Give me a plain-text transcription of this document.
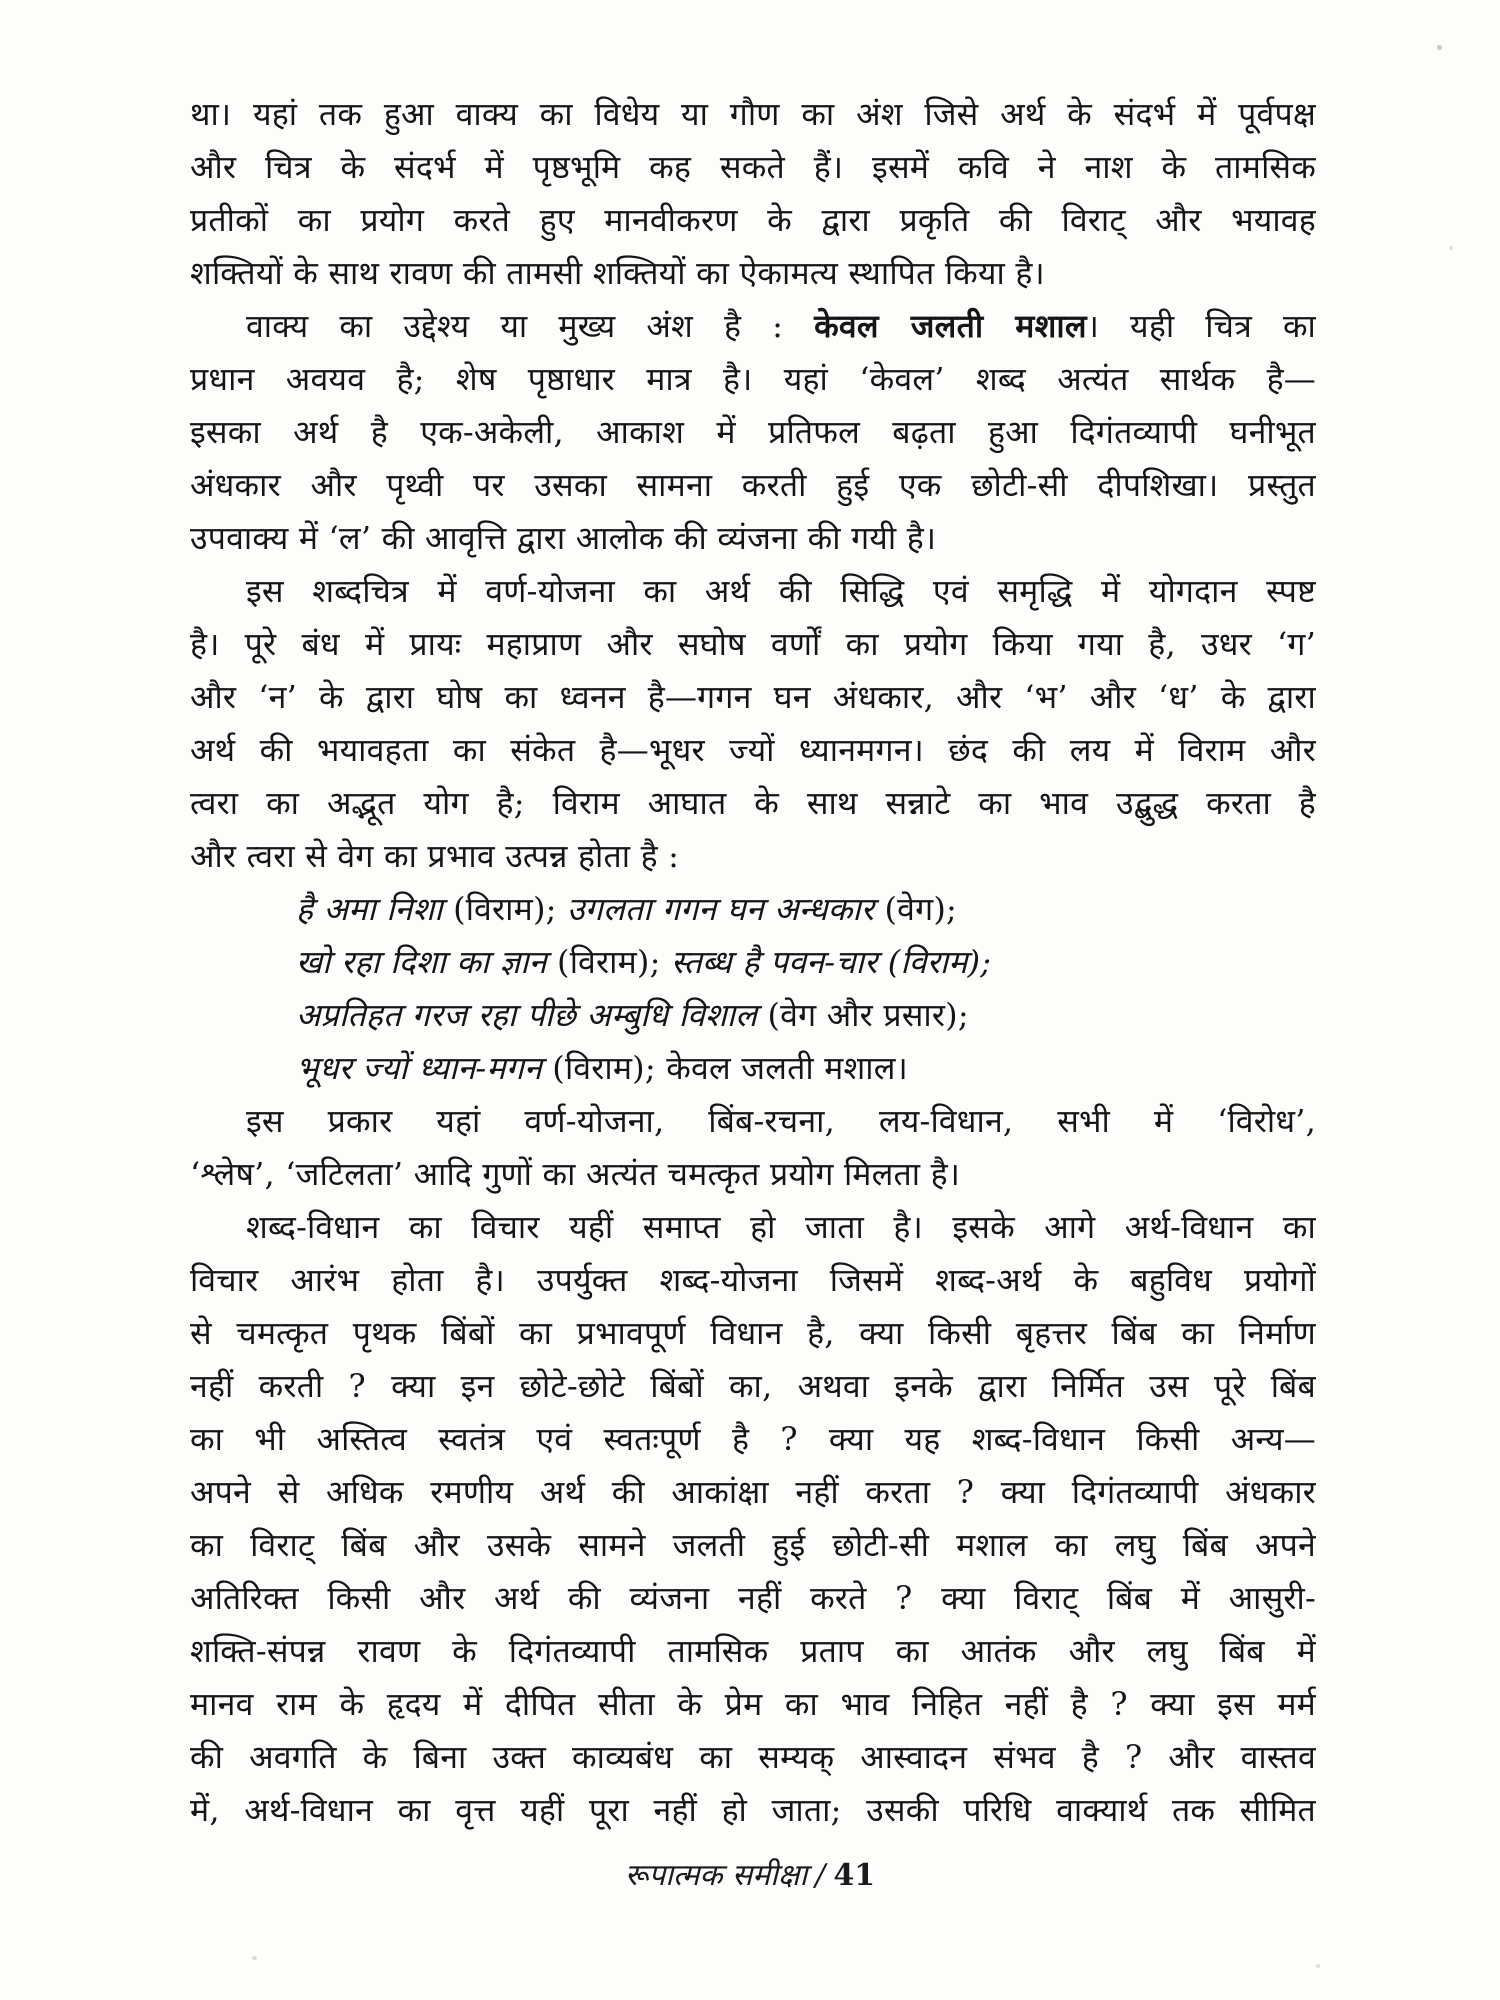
था। यहां तक हुआ वाक्य का विधेय या गौण का अंश जिसे अर्थ के संदर्भ में पूर्वपक्ष
और चित्र के संदर्भ में पृष्ठभूमि कह सकते हैं। इसमें कवि ने नाश के तामसिक
प्रतीकों का प्रयोग करते हुए मानवीकरण के द्वारा प्रकृति की विराट् और भयावह
शक्तियों के साथ रावण की तामसी शक्तियों का ऐकामत्य स्थापित किया है।
वाक्य का उद्देश्य या मुख्य अंश है : केवल जलती मशाल। यही चित्र का
प्रधान अवयव है; शेष पृष्ठाधार मात्र है। यहां ‘केवल’ शब्द अत्यंत सार्थक है—
इसका अर्थ है एक-अकेली, आकाश में प्रतिफल बढ़ता हुआ दिगंतव्यापी घनीभूत
अंधकार और पृथ्वी पर उसका सामना करती हुई एक छोटी-सी दीपशिखा। प्रस्तुत
उपवाक्य में ‘ल’ की आवृत्ति द्वारा आलोक की व्यंजना की गयी है।
इस शब्दचित्र में वर्ण-योजना का अर्थ की सिद्धि एवं समृद्धि में योगदान स्पष्ट
है। पूरे बंध में प्रायः महाप्राण और सघोष वर्णों का प्रयोग किया गया है, उधर ‘ग’
और ‘न’ के द्वारा घोष का ध्वनन है—गगन घन अंधकार, और ‘भ’ और ‘ध’ के द्वारा
अर्थ की भयावहता का संकेत है—भूधर ज्यों ध्यानमगन। छंद की लय में विराम और
त्वरा का अद्भूत योग है; विराम आघात के साथ सन्नाटे का भाव उद्बुद्ध करता है
और त्वरा से वेग का प्रभाव उत्पन्न होता है :
है अमा निशा (विराम); उगलता गगन घन अन्धकार (वेग);
खो रहा दिशा का ज्ञान (विराम); स्तब्ध है पवन-चार (विराम);
अप्रतिहत गरज रहा पीछे अम्बुधि विशाल (वेग और प्रसार);
भूधर ज्यों ध्यान-मगन (विराम); केवल जलती मशाल।
इस प्रकार यहां वर्ण-योजना, बिंब-रचना, लय-विधान, सभी में ‘विरोध’,
‘श्लेष’, ‘जटिलता’ आदि गुणों का अत्यंत चमत्कृत प्रयोग मिलता है।
शब्द-विधान का विचार यहीं समाप्त हो जाता है। इसके आगे अर्थ-विधान का
विचार आरंभ होता है। उपर्युक्त शब्द-योजना जिसमें शब्द-अर्थ के बहुविध प्रयोगों
से चमत्कृत पृथक बिंबों का प्रभावपूर्ण विधान है, क्या किसी बृहत्तर बिंब का निर्माण
नहीं करती ? क्या इन छोटे-छोटे बिंबों का, अथवा इनके द्वारा निर्मित उस पूरे बिंब
का भी अस्तित्व स्वतंत्र एवं स्वतःपूर्ण है ? क्या यह शब्द-विधान किसी अन्य—
अपने से अधिक रमणीय अर्थ की आकांक्षा नहीं करता ? क्या दिगंतव्यापी अंधकार
का विराट् बिंब और उसके सामने जलती हुई छोटी-सी मशाल का लघु बिंब अपने
अतिरिक्त किसी और अर्थ की व्यंजना नहीं करते ? क्या विराट् बिंब में आसुरी-
शक्ति-संपन्न रावण के दिगंतव्यापी तामसिक प्रताप का आतंक और लघु बिंब में
मानव राम के हृदय में दीपित सीता के प्रेम का भाव निहित नहीं है ? क्या इस मर्म
की अवगति के बिना उक्त काव्यबंध का सम्यक् आस्वादन संभव है ? और वास्तव
में, अर्थ-विधान का वृत्त यहीं पूरा नहीं हो जाता; उसकी परिधि वाक्यार्थ तक सीमित
रूपात्मक समीक्षा / 41
